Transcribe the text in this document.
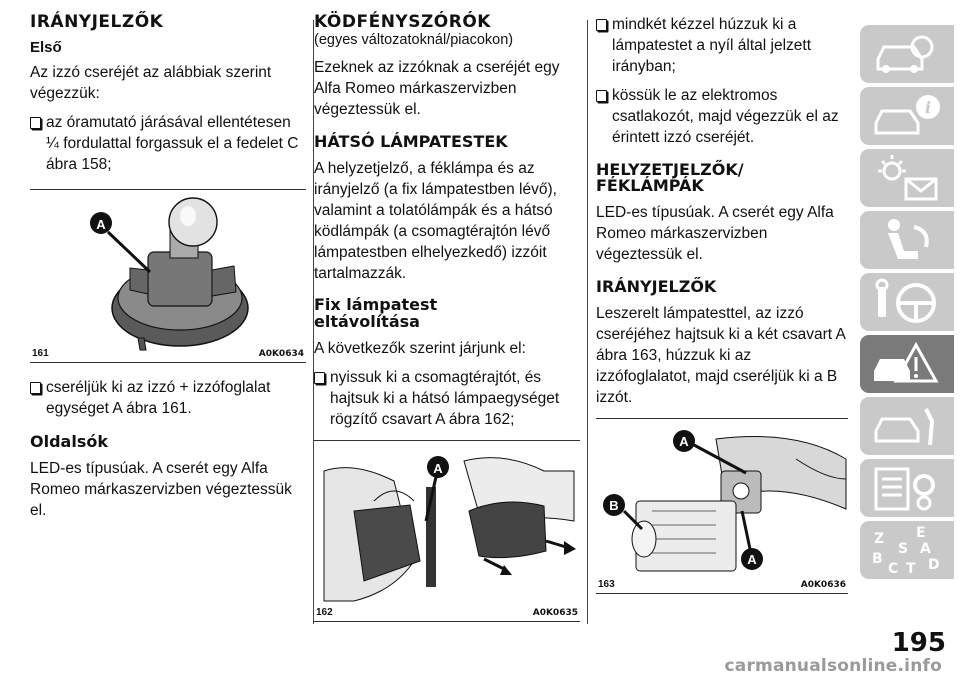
IRÁNYJELZŐK
Első

Az izzó cseréjét az alábbiak szerint végezzük:

az óramutató járásával ellentétesen ¼ fordulattal forgassuk el a fedelet C ábra 158;
A
161	A0K0634
cseréljük ki az izzó + izzófoglalat egységet A ábra 161.
Oldalsók

LED-es típusúak. A cserét egy Alfa Romeo márkaszervizben végeztessük el.

KÖDFÉNYSZÓRÓK
(egyes változatoknál/piacokon)

Ezeknek az izzóknak a cseréjét egy Alfa Romeo márkaszervizben végeztessük el.

HÁTSÓ LÁMPATESTEK

A helyzetjelző, a féklámpa és az irányjelző (a fix lámpatestben lévő), valamint a tolatólámpák és a hátsó ködlámpák (a csomagtérajtón lévő lámpatestben elhelyezkedő) izzóit tartalmazzák.

Fix lámpatest
eltávolítása

A következők szerint járjunk el:

nyissuk ki a csomagtérajtót, és hajtsuk ki a hátsó lámpaegységet rögzítő csavart A ábra 162;
A
162	A0K0635
mindkét kézzel húzzuk ki a lámpatestet a nyíl által jelzett irányban;
kössük le az elektromos csatlakozót, majd végezzük el az érintett izzó cseréjét.
HELYZETJELZŐK/
FÉKLÁMPÁK

LED-es típusúak. A cserét egy Alfa Romeo márkaszervizben végeztessük el.

IRÁNYJELZŐK

Leszerelt lámpatesttel, az izzó cseréjéhez hajtsuk ki a két csavart A ábra 163, húzzuk ki az izzófoglalatot, majd cseréljük ki a B izzót.

A
B
A
163	A0K0636
i
Z E
A
B
C T D
S
195
carmanualsonline.info
